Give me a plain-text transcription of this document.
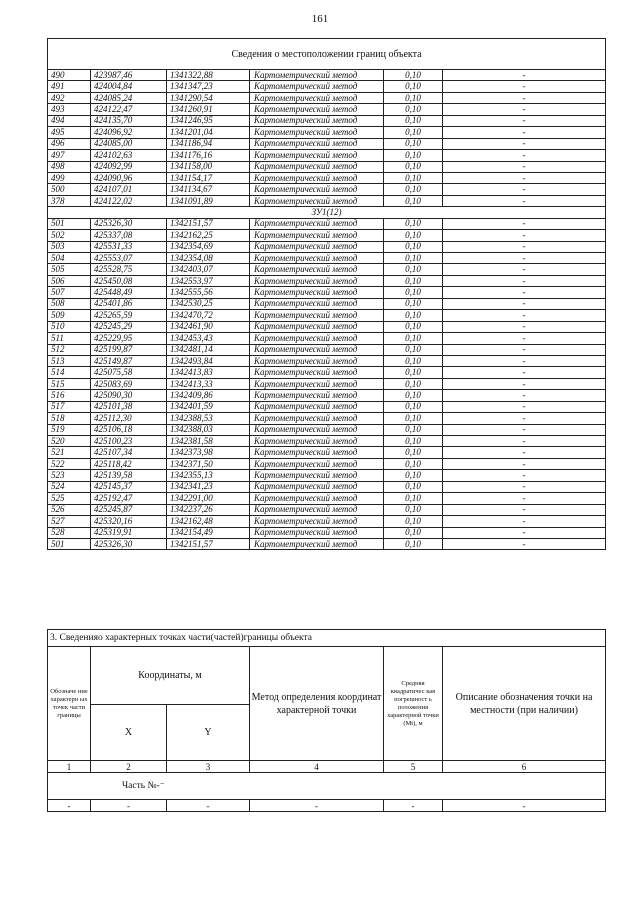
161
Сведения о местоположении границ объекта					
490	423987,46	1341322,88	Картометрический метод	0,10	-
491	424004,84	1341347,23	Картометрический метод	0,10	-
492	424085,24	1341290,54	Картометрический метод	0,10	-
493	424122,47	1341260,91	Картометрический метод	0,10	-
494	424135,70	1341246,95	Картометрический метод	0,10	-
495	424096,92	1341201,04	Картометрический метод	0,10	-
496	424085,00	1341186,94	Картометрический метод	0,10	-
497	424102,63	1341176,16	Картометрический метод	0,10	-
498	424092,99	1341158,00	Картометрический метод	0,10	-
499	424090,96	1341154,17	Картометрический метод	0,10	-
500	424107,01	1341134,67	Картометрический метод	0,10	-
378	424122,02	1341091,89	Картометрический метод	0,10	-
ЗУ1(12)					
501	425326,30	1342151,57	Картометрический метод	0,10	-
502	425337,08	1342162,25	Картометрический метод	0,10	-
503	425531,33	1342354,69	Картометрический метод	0,10	-
504	425553,07	1342354,08	Картометрический метод	0,10	-
505	425528,75	1342403,07	Картометрический метод	0,10	-
506	425450,08	1342553,97	Картометрический метод	0,10	-
507	425448,49	1342555,56	Картометрический метод	0,10	-
508	425401,86	1342530,25	Картометрический метод	0,10	-
509	425265,59	1342470,72	Картометрический метод	0,10	-
510	425245,29	1342461,90	Картометрический метод	0,10	-
511	425229,95	1342453,43	Картометрический метод	0,10	-
512	425199,87	1342481,14	Картометрический метод	0,10	-
513	425149,87	1342493,84	Картометрический метод	0,10	-
514	425075,58	1342413,83	Картометрический метод	0,10	-
515	425083,69	1342413,33	Картометрический метод	0,10	-
516	425090,30	1342409,86	Картометрический метод	0,10	-
517	425101,38	1342401,59	Картометрический метод	0,10	-
518	425112,30	1342388,53	Картометрический метод	0,10	-
519	425106,18	1342388,03	Картометрический метод	0,10	-
520	425100,23	1342381,58	Картометрический метод	0,10	-
521	425107,34	1342373,98	Картометрический метод	0,10	-
522	425118,42	1342371,50	Картометрический метод	0,10	-
523	425139,58	1342355,13	Картометрический метод	0,10	-
524	425145,37	1342341,23	Картометрический метод	0,10	-
525	425192,47	1342291,00	Картометрический метод	0,10	-
526	425245,87	1342237,26	Картометрический метод	0,10	-
527	425320,16	1342162,48	Картометрический метод	0,10	-
528	425319,91	1342154,49	Картометрический метод	0,10	-
501	425326,30	1342151,57	Картометрический метод	0,10	-
3. Сведенияо характерных точках части(частей)границы объекта					
Обозначе ние характерн ых точек части границы	Координаты, м		Метод определения координат характерной точки	Средняя квадратичес кая погрешност ь положения характерной точки (Mt), м	Описание обозначения точки на местности (при наличии)
	X	Y			
1	2	3	4	5	6
Часть №-⁻					
-	-	-	-	-	-
